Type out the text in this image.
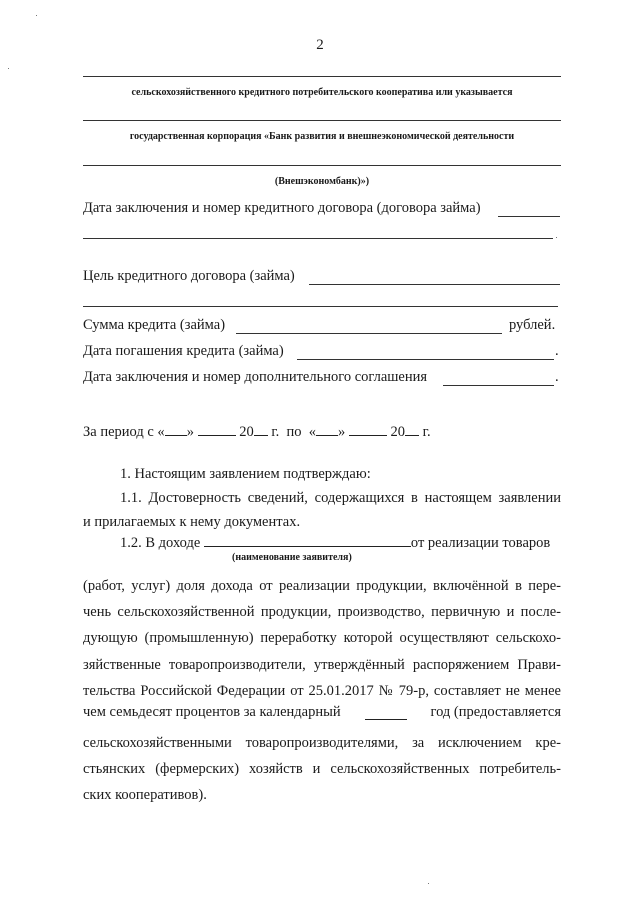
2
сельскохозяйственного кредитного потребительского кооператива или указывается
государственная корпорация «Банк развития и внешнеэкономической деятельности
(Внешэкономбанк)»)
Дата заключения и номер кредитного договора (договора займа)
Цель кредитного договора (займа)
Сумма кредита (займа)	рублей.
Дата погашения кредита (займа)	.
Дата заключения и номер дополнительного соглашения	.
За период с « »	20 г. по « »	20 г.
1. Настоящим заявлением подтверждаю:
1.1. Достоверность сведений, содержащихся в настоящем заявлении
и прилагаемых к нему документах.
1.2. В доходе	от реализации товаров
(наименование заявителя)
(работ, услуг) доля дохода от реализации продукции, включённой в пере-
чень сельскохозяйственной продукции, производство, первичную и после-
дующую (промышленную) переработку которой осуществляют сельскохо-
зяйственные товаропроизводители, утверждённый распоряжением Прави-
тельства Российской Федерации от 25.01.2017 № 79-р, составляет не менее
чем семьдесят процентов за календарный	год (предоставляется
сельскохозяйственными товаропроизводителями, за исключением кре-
стьянских (фермерских) хозяйств и сельскохозяйственных потребитель-
ских кооперативов).
